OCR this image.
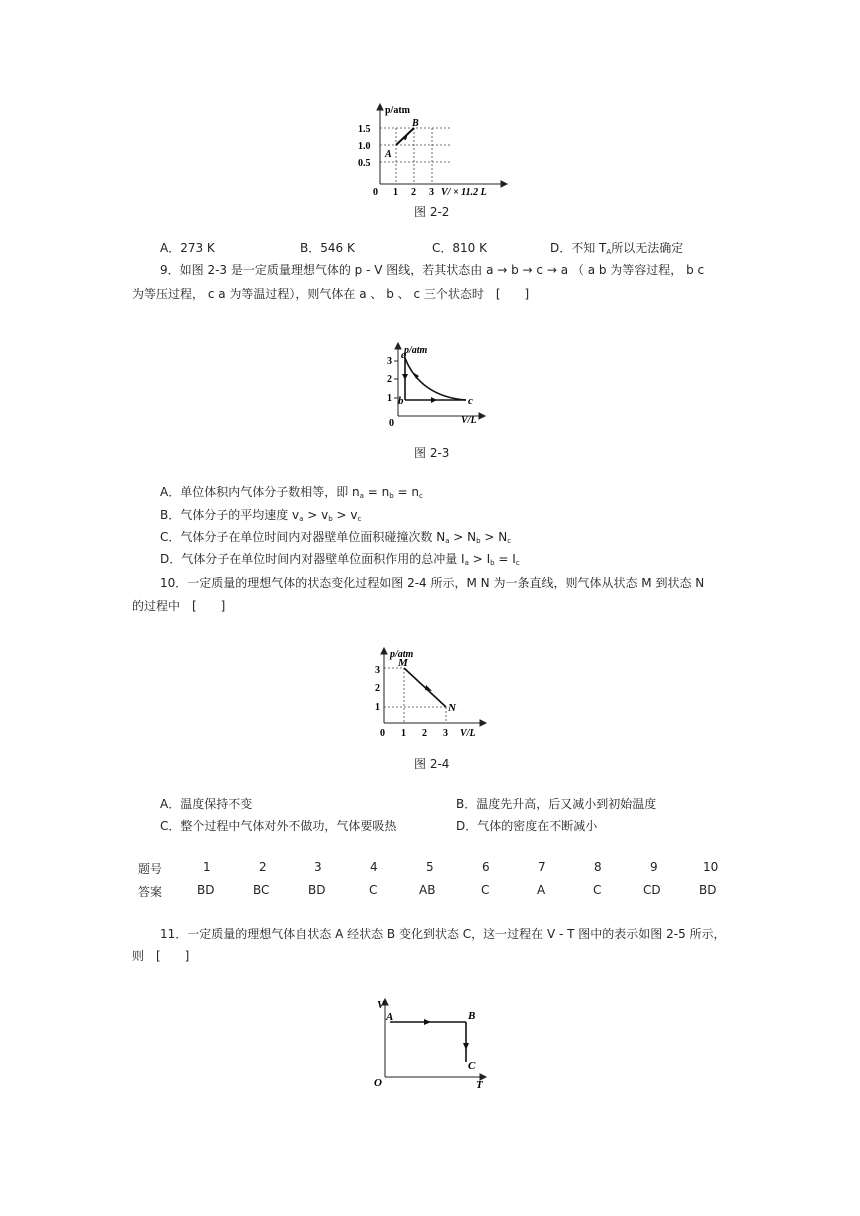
p/atm
1.5
1.0
0.5
0 1 2 3 V/ × 11.2 L
A
B
图 2-2
A．273 K	B．546 K	C．810 K	D．不知 $T_A$所以无法确定
9．如图 2-3 是一定质量理想气体的 p - V 图线，若其状态由 a → b → c → a （ a b 为等容过程， b c
为等压过程， c a 为等温过程），则气体在 a 、 b 、 c 三个状态时　[　　]
p/atm
3
2
1
0	V/L
a
b	c
图 2-3
A．单位体积内气体分子数相等，即 $n_a = n_b = n_c$
B．气体分子的平均速度 $v_a > v_b > v_c$
C．气体分子在单位时间内对器壁单位面积碰撞次数 $N_a > N_b > N_c$
D．气体分子在单位时间内对器壁单位面积作用的总冲量 $I_a > I_b = I_c$
10．一定质量的理想气体的状态变化过程如图 2-4 所示，M N 为一条直线，则气体从状态 M 到状态 N
的过程中　[　　]
p/atm
3
2
1
0 1 2 3 V/L
M
N
图 2-4
A．温度保持不变	B．温度先升高，后又减小到初始温度
C．整个过程中气体对外不做功，气体要吸热	D．气体的密度在不断减小
题号	1	2	3	4	5	6	7	8	9	10
答案	BD	BC	BD	C	AB	C	A	C	CD	BD
11．一定质量的理想气体自状态 A 经状态 B 变化到状态 C，这一过程在 V - T 图中的表示如图 2-5 所示，
则　[　　]
V
T
O
A	B
C
